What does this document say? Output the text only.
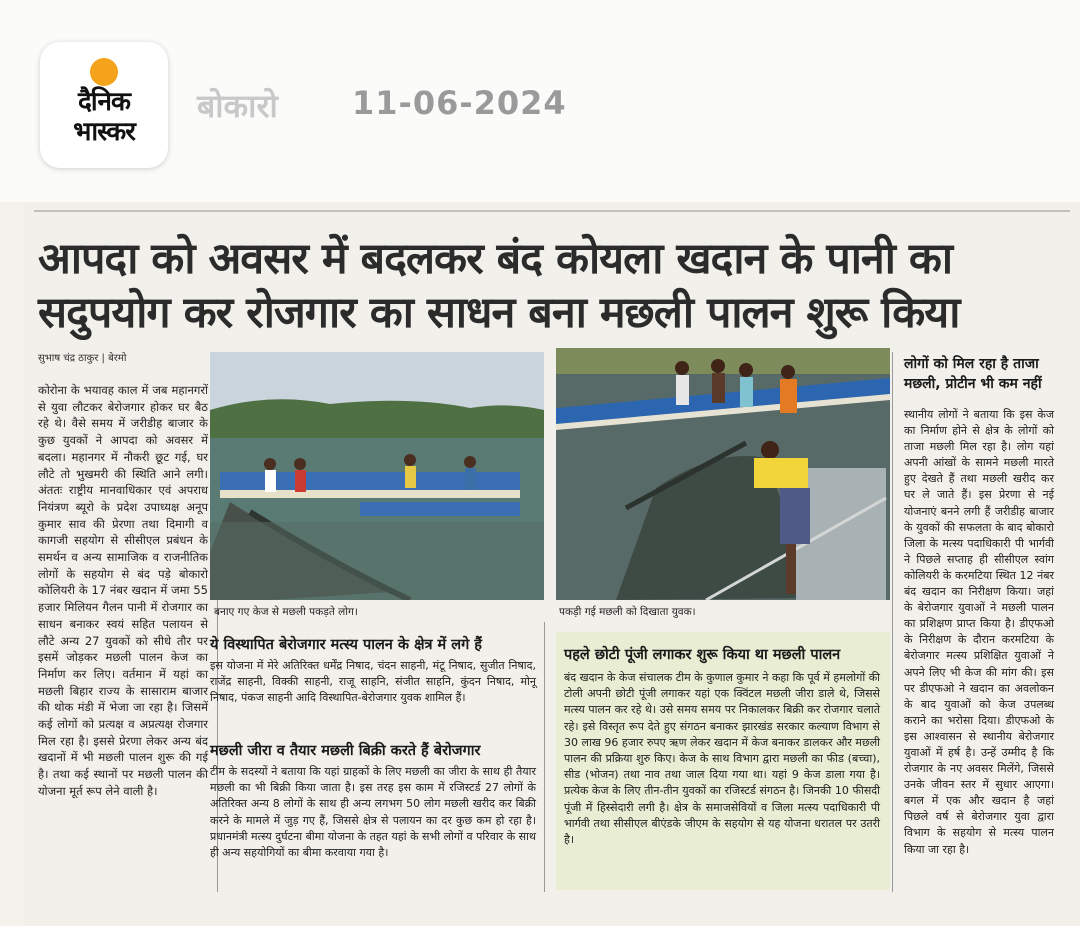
दैनिक
भास्कर
बोकारो 11-06-2024
आपदा को अवसर में बदलकर बंद कोयला खदान के पानी का
सदुपयोग कर रोजगार का साधन बना मछली पालन शुरू किया
सुभाष चंद्र ठाकुर | बेरमो
कोरोना के भयावह काल में जब महानगरों से युवा लौटकर बेरोजगार होकर घर बैठ रहे थे। वैसे समय में जरीडीह बाजार के कुछ युवकों ने आपदा को अवसर में बदला। महानगर में नौकरी छूट गई, घर लौटे तो भुखमरी की स्थिति आने लगी। अंततः राष्ट्रीय मानवाधिकार एवं अपराध नियंत्रण ब्यूरो के प्रदेश उपाध्यक्ष अनूप कुमार साव की प्रेरणा तथा दिमागी व कागजी सहयोग से सीसीएल प्रबंधन के समर्थन व अन्य सामाजिक व राजनीतिक लोगों के सहयोग से बंद पड़े बोकारो कोलियरी के 17 नंबर खदान में जमा 55 हजार मिलियन गैलन पानी में रोजगार का साधन बनाकर स्वयं सहित पलायन से लौटे अन्य 27 युवकों को सीधे तौर पर इसमें जोड़कर मछली पालन केज का निर्माण कर लिए। वर्तमान में यहां का मछली बिहार राज्य के सासाराम बाजार की थोक मंडी में भेजा जा रहा है। जिसमें कई लोगों को प्रत्यक्ष व अप्रत्यक्ष रोजगार मिल रहा है। इससे प्रेरणा लेकर अन्य बंद खदानों में भी मछली पालन शुरू की गई है। तथा कई स्थानों पर मछली पालन की योजना मूर्त रूप लेने वाली है।
बनाए गए केज से मछली पकड़ते लोग।	पकड़ी गई मछली को दिखाता युवक।
ये विस्थापित बेरोजगार मत्स्य पालन के क्षेत्र में लगे हैं
इस योजना में मेरे अतिरिक्त धर्मेंद्र निषाद, चंदन साहनी, मंटू निषाद, सुजीत निषाद, राजेंद्र साहनी, विक्की साहनी, राजू साहनि, संजीत साहनि, कुंदन निषाद, मोनू निषाद, पंकज साहनी आदि विस्थापित-बेरोजगार युवक शामिल हैं।
मछली जीरा व तैयार मछली बिक्री करते हैं बेरोजगार
टीम के सदस्यों ने बताया कि यहां ग्राहकों के लिए मछली का जीरा के साथ ही तैयार मछली का भी बिक्री किया जाता है। इस तरह इस काम में रजिस्टर्ड 27 लोगों के अतिरिक्त अन्य 8 लोगों के साथ ही अन्य लगभग 50 लोग मछली खरीद कर बिक्री करने के मामले में जुड़ गए हैं, जिससे क्षेत्र से पलायन का दर कुछ कम हो रहा है। प्रधानमंत्री मत्स्य दुर्घटना बीमा योजना के तहत यहां के सभी लोगों व परिवार के साथ ही अन्य सहयोगियों का बीमा करवाया गया है।
पहले छोटी पूंजी लगाकर शुरू किया था मछली पालन
बंद खदान के केज संचालक टीम के कुणाल कुमार ने कहा कि पूर्व में हमलोगों की टोली अपनी छोटी पूंजी लगाकर यहां एक क्विंटल मछली जीरा डाले थे, जिससे मत्स्य पालन कर रहे थे। उसे समय समय पर निकालकर बिक्री कर रोजगार चलाते रहे। इसे विस्तृत रूप देते हुए संगठन बनाकर झारखंड सरकार कल्याण विभाग से 30 लाख 96 हजार रुपए ऋण लेकर खदान में केज बनाकर डालकर और मछली पालन की प्रक्रिया शुरु किए। केज के साथ विभाग द्वारा मछली का फीड (बच्चा), सीड (भोजन) तथा नाव तथा जाल दिया गया था। यहां 9 केज डाला गया है। प्रत्येक केज के लिए तीन-तीन युवकों का रजिस्टर्ड संगठन है। जिनकी 10 फीसदी पूंजी में हिस्सेदारी लगी है। क्षेत्र के समाजसेवियों व जिला मत्स्य पदाधिकारी पी भार्गवी तथा सीसीएल बीएंडके जीएम के सहयोग से यह योजना धरातल पर उतरी है।
लोगों को मिल रहा है ताजा मछली, प्रोटीन भी कम नहीं
स्थानीय लोगों ने बताया कि इस केज का निर्माण होने से क्षेत्र के लोगों को ताजा मछली मिल रहा है। लोग यहां अपनी आंखों के सामने मछली मारते हुए देखते हैं तथा मछली खरीद कर घर ले जाते हैं। इस प्रेरणा से नई योजनाएं बनने लगी हैं जरीडीह बाजार के युवकों की सफलता के बाद बोकारो जिला के मत्स्य पदाधिकारी पी भार्गवी ने पिछले सप्ताह ही सीसीएल स्वांग कोलियरी के करमटिया स्थित 12 नंबर बंद खदान का निरीक्षण किया। जहां के बेरोजगार युवाओं ने मछली पालन का प्रशिक्षण प्राप्त किया है। डीएफओ के निरीक्षण के दौरान करमटिया के बेरोजगार मत्स्य प्रशिक्षित युवाओं ने अपने लिए भी केज की मांग की। इस पर डीएफओ ने खदान का अवलोकन के बाद युवाओं को केज उपलब्ध कराने का भरोसा दिया। डीएफओ के इस आश्वासन से स्थानीय बेरोजगार युवाओं में हर्ष है। उन्हें उम्मीद है कि रोजगार के नए अवसर मिलेंगे, जिससे उनके जीवन स्तर में सुधार आएगा। बगल में एक और खदान है जहां पिछले वर्ष से बेरोजगार युवा द्वारा विभाग के सहयोग से मत्स्य पालन किया जा रहा है।
